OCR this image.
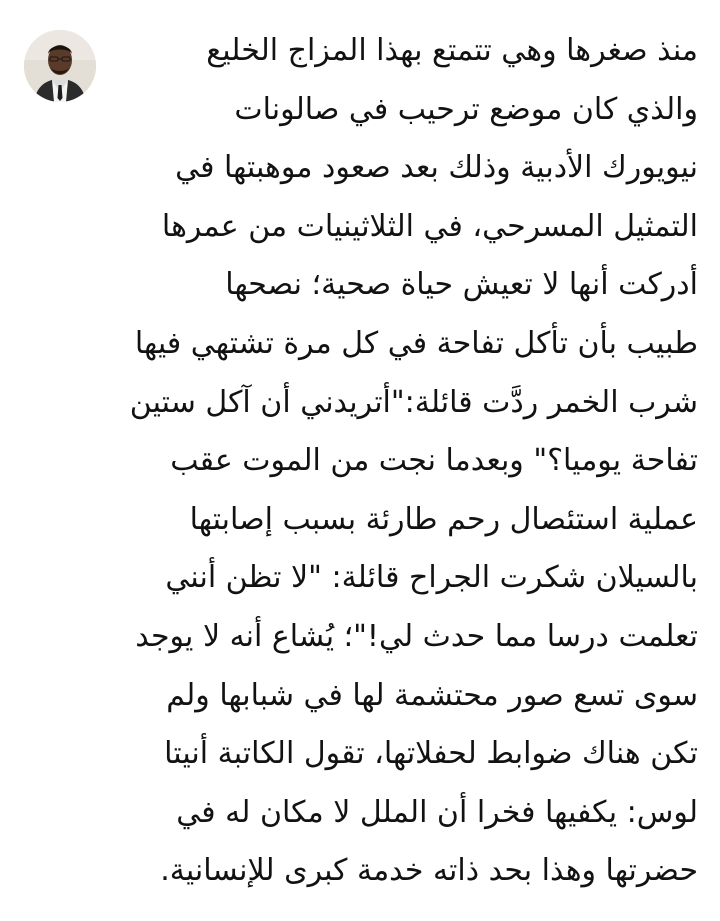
منذ صغرها وهي تتمتع بهذا المزاج الخليع
والذي كان موضع ترحيب في صالونات
نيويورك الأدبية وذلك بعد صعود موهبتها في
التمثيل المسرحي، في الثلاثينيات من عمرها
أدركت أنها لا تعيش حياة صحية؛ نصحها
طبيب بأن تأكل تفاحة في كل مرة تشتهي فيها
شرب الخمر ردَّت قائلة:"أتريدني أن آكل ستين
تفاحة يوميا؟" وبعدما نجت من الموت عقب
عملية استئصال رحم طارئة بسبب إصابتها
بالسيلان شكرت الجراح قائلة: "لا تظن أنني
تعلمت درسا مما حدث لي!"؛ يُشاع أنه لا يوجد
سوى تسع صور محتشمة لها في شبابها ولم
تكن هناك ضوابط لحفلاتها، تقول الكاتبة أنيتا
لوس: يكفيها فخرا أن الملل لا مكان له في
حضرتها وهذا بحد ذاته خدمة كبرى للإنسانية.
